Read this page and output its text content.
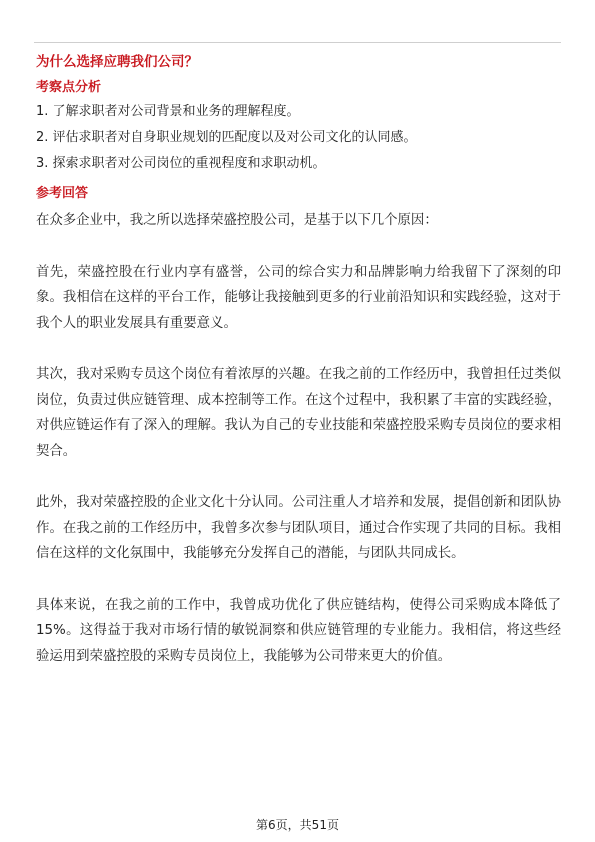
为什么选择应聘我们公司？
考察点分析
1. 了解求职者对公司背景和业务的理解程度。
2. 评估求职者对自身职业规划的匹配度以及对公司文化的认同感。
3. 探索求职者对公司岗位的重视程度和求职动机。
参考回答

在众多企业中，我之所以选择荣盛控股公司，是基于以下几个原因：

首先，荣盛控股在行业内享有盛誉，公司的综合实力和品牌影响力给我留下了深刻的印象。我相信在这样的平台工作，能够让我接触到更多的行业前沿知识和实践经验，这对于我个人的职业发展具有重要意义。

其次，我对采购专员这个岗位有着浓厚的兴趣。在我之前的工作经历中，我曾担任过类似岗位，负责过供应链管理、成本控制等工作。在这个过程中，我积累了丰富的实践经验，对供应链运作有了深入的理解。我认为自己的专业技能和荣盛控股采购专员岗位的要求相契合。

此外，我对荣盛控股的企业文化十分认同。公司注重人才培养和发展，提倡创新和团队协作。在我之前的工作经历中，我曾多次参与团队项目，通过合作实现了共同的目标。我相信在这样的文化氛围中，我能够充分发挥自己的潜能，与团队共同成长。

具体来说，在我之前的工作中，我曾成功优化了供应链结构，使得公司采购成本降低了15%。这得益于我对市场行情的敏锐洞察和供应链管理的专业能力。我相信，将这些经验运用到荣盛控股的采购专员岗位上，我能够为公司带来更大的价值。

第6页，共51页
